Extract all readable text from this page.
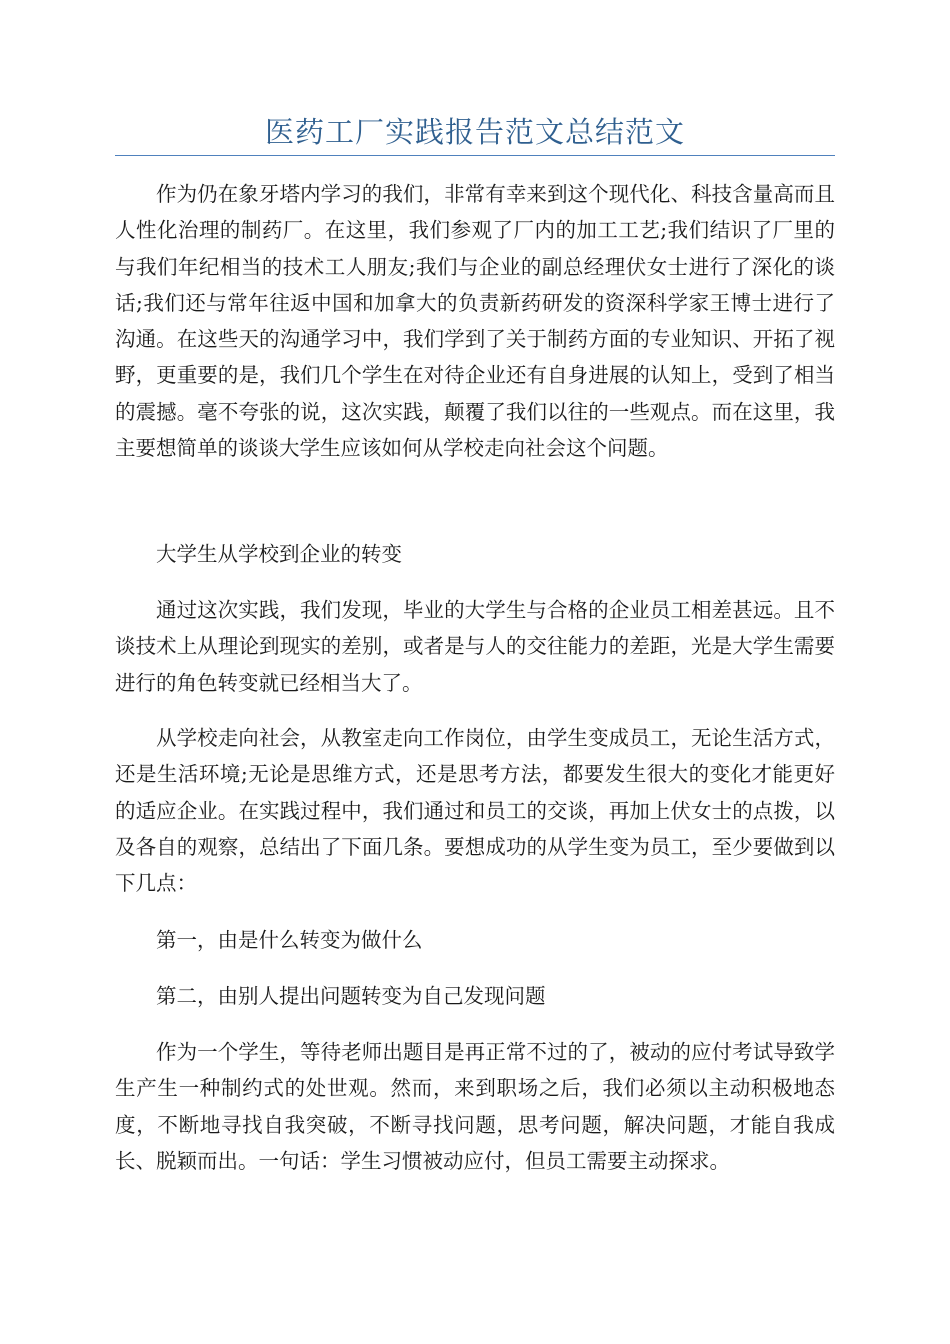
医药工厂实践报告范文总结范文

作为仍在象牙塔内学习的我们，非常有幸来到这个现代化、科技含量高而且人性化治理的制药厂。在这里，我们参观了厂内的加工工艺;我们结识了厂里的与我们年纪相当的技术工人朋友;我们与企业的副总经理伏女士进行了深化的谈话;我们还与常年往返中国和加拿大的负责新药研发的资深科学家王博士进行了沟通。在这些天的沟通学习中，我们学到了关于制药方面的专业知识、开拓了视野，更重要的是，我们几个学生在对待企业还有自身进展的认知上，受到了相当的震撼。毫不夸张的说，这次实践，颠覆了我们以往的一些观点。而在这里，我主要想简单的谈谈大学生应该如何从学校走向社会这个问题。

大学生从学校到企业的转变

通过这次实践，我们发现，毕业的大学生与合格的企业员工相差甚远。且不谈技术上从理论到现实的差别，或者是与人的交往能力的差距，光是大学生需要进行的角色转变就已经相当大了。

从学校走向社会，从教室走向工作岗位，由学生变成员工，无论生活方式，还是生活环境;无论是思维方式，还是思考方法，都要发生很大的变化才能更好的适应企业。在实践过程中，我们通过和员工的交谈，再加上伏女士的点拨，以及各自的观察，总结出了下面几条。要想成功的从学生变为员工，至少要做到以下几点：

第一，由是什么转变为做什么

第二，由别人提出问题转变为自己发现问题

作为一个学生，等待老师出题目是再正常不过的了，被动的应付考试导致学生产生一种制约式的处世观。然而，来到职场之后，我们必须以主动积极地态度，不断地寻找自我突破，不断寻找问题，思考问题，解决问题，才能自我成长、脱颖而出。一句话：学生习惯被动应付，但员工需要主动探求。
